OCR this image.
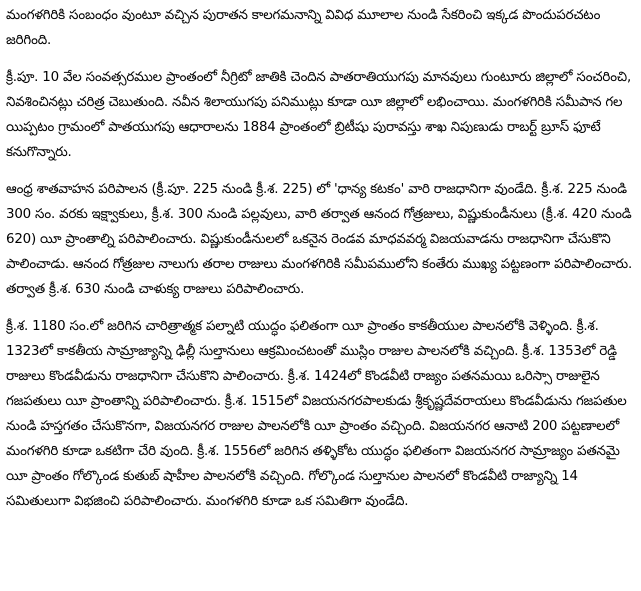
మంగళగిరికి సంబంధం వుంటూ వచ్చిన పురాతన కాలగమనాన్ని వివిధ మూలాల నుండి సేకరించి ఇక్కడ పొందుపరచటం జరిగింది.

క్రీ.పూ. 10 వేల సంవత్సరముల ప్రాంతంలో నీగ్రిటో జాతికి చెందిన పాతరాతియుగపు మానవులు గుంటూరు జిల్లాలో సంచరించి, నివశించినట్లు చరిత్ర చెబుతుంది. నవీన శిలాయుగపు పనిముట్లు కూడా యీ జిల్లాలో లభించాయి. మంగళగిరికి సమీపాన గల యిప్పటం గ్రామంలో పాతయుగపు ఆధారాలను 1884 ప్రాంతంలో బ్రిటీషు పురావస్తు శాఖ నిపుణుడు రాబర్ట్ బ్రూస్ ఫూటే కనుగొన్నారు.

ఆంధ్ర శాతవాహన పరిపాలన (క్రీ.పూ. 225 నుండి క్రీ.శ. 225) లో 'ధాన్య కటకం' వారి రాజధానిగా వుండేది. క్రీ.శ. 225 నుండి 300 సం. వరకు ఇక్ష్వాకులు, క్రీ.శ. 300 నుండి పల్లవులు, వారి తర్వాత ఆనంద గోత్రజులు, విష్ణుకుండీనులు (క్రీ.శ. 420 నుండి 620) యీ ప్రాంతాల్ని పరిపాలించారు. విష్ణుకుండీనులలో ఒకనైన రెండవ మాధవవర్మ విజయవాడను రాజధానిగా చేసుకొని పాలించాడు. ఆనంద గోత్రజుల నాలుగు తరాల రాజులు మంగళగిరికి సమీపములోని కంతేరు ముఖ్య పట్టణంగా పరిపాలించారు. తర్వాత క్రీ.శ. 630 నుండి చాళుక్య రాజులు పరిపాలించారు.

క్రీ.శ. 1180 సం.లో జరిగిన చారిత్రాత్మక పల్నాటి యుద్ధం ఫలితంగా యీ ప్రాంతం కాకతీయుల పాలనలోకి వెళ్ళింది. క్రీ.శ. 1323లో కాకతీయ సామ్రాజ్యాన్ని ఢిల్లీ సుల్తానులు ఆక్రమించటంతో ముస్లిం రాజుల పాలనలోకి వచ్చింది. క్రీ.శ. 1353లో రెడ్డి రాజులు కొండవీడును రాజధానిగా చేసుకొని పాలించారు. క్రీ.శ. 1424లో కొండవీటి రాజ్యం పతనమయి ఒరిస్సా రాజులైన గజపతులు యీ ప్రాంతాన్ని పరిపాలించారు. క్రీ.శ. 1515లో విజయనగరపాలకుడు శ్రీకృష్ణదేవరాయలు కొండవీడును గజపతుల నుండి హస్తగతం చేసుకొనగా, విజయనగర రాజుల పాలనలోకి యీ ప్రాంతం వచ్చింది. విజయనగర ఆనాటి 200 పట్టణాలలో మంగళగిరి కూడా ఒకటిగా చేరి వుంది. క్రీ.శ. 1556లో జరిగిన తళ్ళికోట యుద్ధం ఫలితంగా విజయనగర సామ్రాజ్యం పతనమై యీ ప్రాంతం గోల్కొండ కుతుబ్ షాహీల పాలనలోకి వచ్చింది. గోల్కొండ సుల్తానుల పాలనలో కొండవీటి రాజ్యాన్ని 14 సమితులుగా విభజించి పరిపాలించారు. మంగళగిరి కూడా ఒక సమితిగా వుండేది.
